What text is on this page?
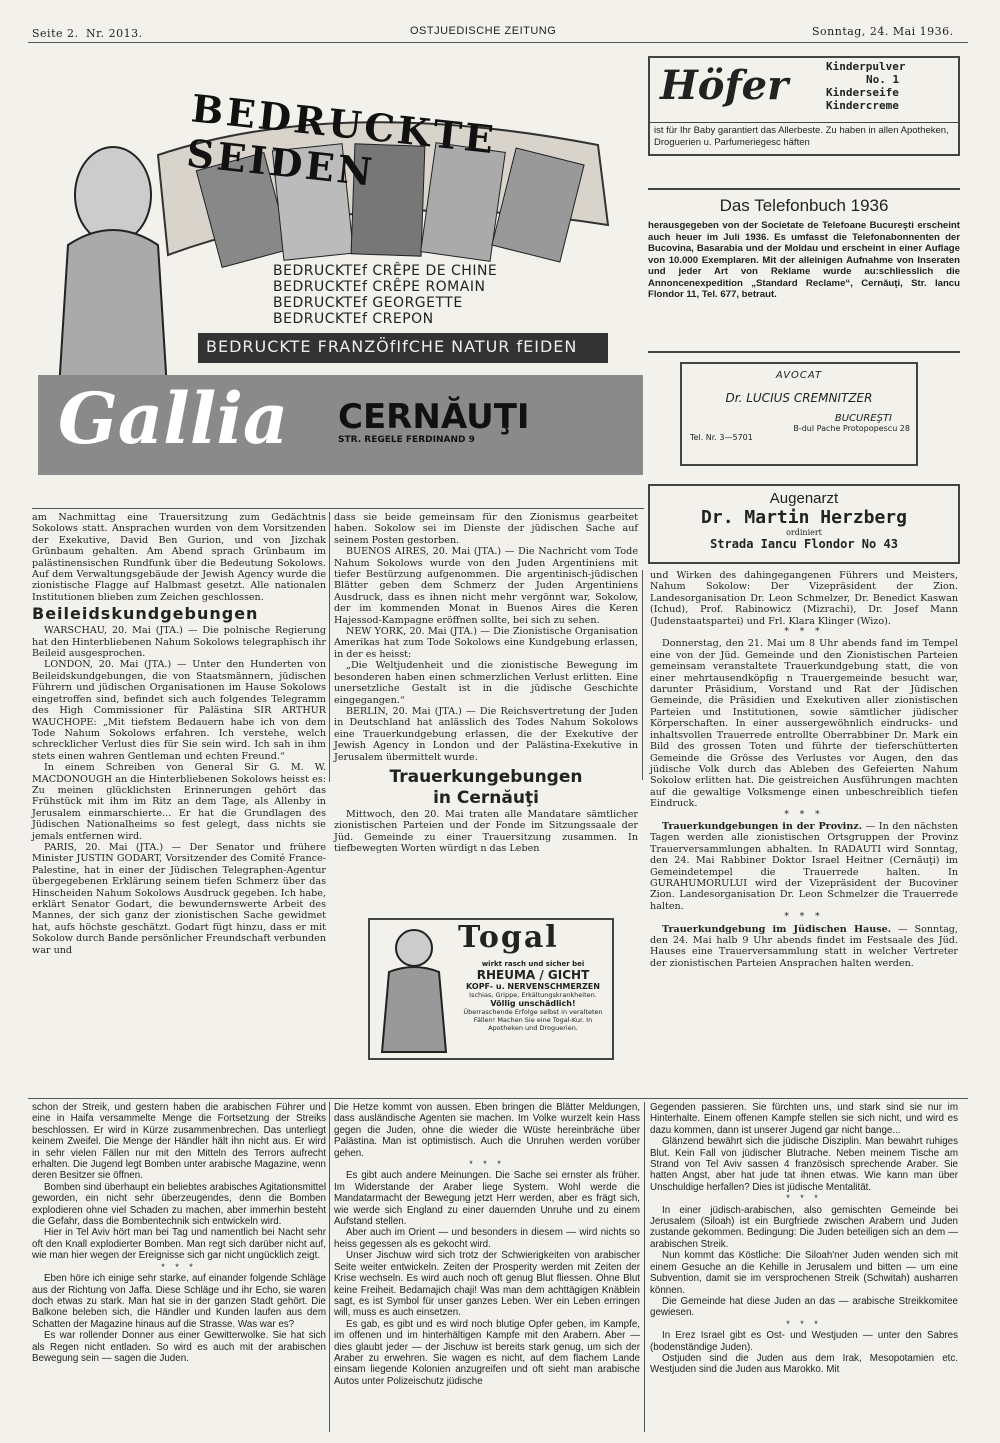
Seite 2. Nr. 2013.	OSTJUEDISCHE ZEITUNG	Sonntag, 24. Mai 1936.
BEDRUCKTE SEIDEN
BEDRUCKTEf CRÊPE DE CHINE
BEDRUCKTEf CRÊPE ROMAIN
BEDRUCKTEf GEORGETTE
BEDRUCKTEf CREPON
BEDRUCKTE FRANZÖfIfCHE NATUR fEIDEN
Gallia CERNĂUŢI
STR. REGELE FERDINAND 9
Höfer	Kinderpulver
No. 1
Kinderseife
Kindercreme
ist für Ihr Baby garantiert das Allerbeste. Zu haben in allen Apotheken, Droguerien u. Parfumeriegesc häften
Das Telefonbuch 1936
herausgegeben von der Societate de Telefoane Bucureşti erscheint auch heuer im Juli 1936. Es umfasst die Telefonabonnenten der Bucovina, Basarabia und der Moldau und erscheint in einer Auflage von 10.000 Exemplaren. Mit der alleinigen Aufnahme von Inseraten und jeder Art von Reklame wurde au:schliesslich die Annoncenexpedition „Standard Reclame“, Cernăuţi, Str. Iancu Flondor 11, Tel. 677, betraut.
AVOCAT
Dr. LUCIUS CREMNITZER
BUCUREŞTI
B-dul Pache Protopopescu 28
Tel. Nr. 3—5701
Augenarzt
Dr. Martin Herzberg
ordiniert
Strada Iancu Flondor No 43

am Nachmittag eine Trauersitzung zum Gedächtnis Sokolows statt. Ansprachen wurden von dem Vorsitzenden der Exekutive, David Ben Gurion, und von Jizchak Grünbaum gehalten. Am Abend sprach Grünbaum im palästinensischen Rundfunk über die Bedeutung Sokolows. Auf dem Verwaltungsgebäude der Jewish Agency wurde die zionistische Flagge auf Halbmast gesetzt. Alle nationalen Institutionen blieben zum Zeichen geschlossen.

Beileidskundgebungen

WARSCHAU, 20. Mai (JTA.) — Die polnische Regierung hat den Hinterbliebenen Nahum Sokolows telegraphisch ihr Beileid ausgesprochen.

LONDON, 20. Mai (JTA.) — Unter den Hunderten von Beileidskundgebungen, die von Staatsmännern, jüdischen Führern und jüdischen Organisationen im Hause Sokolows eingetroffen sind, befindet sich auch folgendes Telegramm des High Commissioner für Palästina SIR ARTHUR WAUCHOPE: „Mit tiefstem Bedauern habe ich von dem Tode Nahum Sokolows erfahren. Ich verstehe, welch schrecklicher Verlust dies für Sie sein wird. Ich sah in ihm stets einen wahren Gentleman und echten Freund.“

In einem Schreiben von General Sir G. M. W. MACDONOUGH an die Hinterbliebenen Sokolows heisst es: Zu meinen glücklichsten Erinnerungen gehört das Frühstück mit ihm im Ritz an dem Tage, als Allenby in Jerusalem einmarschierte... Er hat die Grundlagen des Jüdischen Nationalheims so fest gelegt, dass nichts sie jemals entfernen wird.

PARIS, 20. Mai (JTA.) — Der Senator und frühere Minister JUSTIN GODART, Vorsitzender des Comité France-Palestine, hat in einer der Jüdischen Telegraphen-Agentur übergegebenen Erklärung seinem tiefen Schmerz über das Hinscheiden Nahum Sokolows Ausdruck gegeben. Ich habe, erklärt Senator Godart, die bewundernswerte Arbeit des Mannes, der sich ganz der zionistischen Sache gewidmet hat, aufs höchste geschätzt. Godart fügt hinzu, dass er mit Sokolow durch Bande persönlicher Freundschaft verbunden war und

dass sie beide gemeinsam für den Zionismus gearbeitet haben. Sokolow sei im Dienste der jüdischen Sache auf seinem Posten gestorben.

BUENOS AIRES, 20. Mai (JTA.) — Die Nachricht vom Tode Nahum Sokolows wurde von den Juden Argentiniens mit tiefer Bestürzung aufgenommen. Die argentinisch-jüdischen Blätter geben dem Schmerz der Juden Argentiniens Ausdruck, dass es ihnen nicht mehr vergönnt war, Sokolow, der im kommenden Monat in Buenos Aires die Keren Hajessod-Kampagne eröffnen sollte, bei sich zu sehen.

NEW YORK, 20. Mai (JTA.) — Die Zionistische Organisation Amerikas hat zum Tode Sokolows eine Kundgebung erlassen, in der es heisst:

„Die Weltjudenheit und die zionistische Bewegung im besonderen haben einen schmerzlichen Verlust erlitten. Eine unersetzliche Gestalt ist in die jüdische Geschichte eingegangen.“

BERLIN, 20. Mai (JTA.) — Die Reichsvertretung der Juden in Deutschland hat anlässlich des Todes Nahum Sokolows eine Trauerkundgebung erlassen, die der Exekutive der Jewish Agency in London und der Palästina-Exekutive in Jerusalem übermittelt wurde.

Trauerkungebungen
in Cernăuţi

Mittwoch, den 20. Mai traten alle Mandatare sämtlicher zionistischen Parteien und der Fonde im Sitzungssaale der Jüd. Gemeinde zu einer Trauersitzung zusammen. In tiefbewegten Worten würdigt n das Leben

Togal
wirkt rasch und sicher bei
RHEUMA / GICHT
KOPF- u. NERVENSCHMERZEN
Ischias, Grippe, Erkältungskrankheiten.
Völlig unschädlich!
Überraschende Erfolge selbst in veralteten Fällen! Machen Sie eine Togal-Kur. In Apotheken und Droguerien.

und Wirken des dahingegangenen Führers und Meisters, Nahum Sokolow: Der Vizepräsident der Zion. Landesorganisation Dr. Leon Schmelzer, Dr. Benedict Kaswan (Ichud), Prof. Rabinowicz (Mizrachi), Dr. Josef Mann (Judenstaatspartei) und Frl. Klara Klinger (Wizo).

* * *

Donnerstag, den 21. Mai um 8 Uhr abends fand im Tempel eine von der Jüd. Gemeinde und den Zionistischen Parteien gemeinsam veranstaltete Trauerkundgebung statt, die von einer mehrtausendköpfig n Trauergemeinde besucht war, darunter Präsidium, Vorstand und Rat der Jüdischen Gemeinde, die Präsidien und Exekutiven aller zionistischen Parteien und Institutionen, sowie sämtlicher jüdischer Körperschaften. In einer aussergewöhnlich eindrucks- und inhaltsvollen Trauerrede entrollte Oberrabbiner Dr. Mark ein Bild des grossen Toten und führte der tieferschütterten Gemeinde die Grösse des Verlustes vor Augen, den das jüdische Volk durch das Ableben des Gefeierten Nahum Sokolow erlitten hat. Die geistreichen Ausführungen machten auf die gewaltige Volksmenge einen unbeschreiblich tiefen Eindruck.

* * *

Trauerkundgebungen in der Provinz. — In den nächsten Tagen werden alle zionistischen Ortsgruppen der Provinz Trauerversammlungen abhalten. In RADAUTI wird Sonntag, den 24. Mai Rabbiner Doktor Israel Heitner (Cernăuţi) im Gemeindetempel die Trauerrede halten. In GURAHUMORULUI wird der Vizepräsident der Bucoviner Zion. Landesorganisation Dr. Leon Schmelzer die Trauerrede halten.

* * *

Trauerkundgebung im Jüdischen Hause. — Sonntag, den 24. Mai halb 9 Uhr abends findet im Festsaale des Jüd. Hauses eine Trauerversammlung statt in welcher Vertreter der zionistischen Parteien Ansprachen halten werden.

schon der Streik, und gestern haben die arabischen Führer und eine in Haifa versammelte Menge die Fortsetzung der Streiks beschlossen. Er wird in Kürze zusammenbrechen. Das unterliegt keinem Zweifel. Die Menge der Händler hält ihn nicht aus. Er wird in sehr vielen Fällen nur mit den Mitteln des Terrors aufrecht erhalten. Die Jugend legt Bomben unter arabische Magazine, wenn deren Besitzer sie öffnen.

Bomben sind überhaupt ein beliebtes arabisches Agitationsmittel geworden, ein nicht sehr überzeugendes, denn die Bomben explodieren ohne viel Schaden zu machen, aber immerhin besteht die Gefahr, dass die Bombentechnik sich entwickeln wird.

Hier in Tel Aviv hört man bei Tag und namentlich bei Nacht sehr oft den Knall explodierter Bomben. Man regt sich darüber nicht auf, wie man hier wegen der Ereignisse sich gar nicht ungücklich zeigt.

* * *

Eben höre ich einige sehr starke, auf einander folgende Schläge aus der Richtung von Jaffa. Diese Schläge und ihr Echo, sie waren doch etwas zu stark. Man hat sie in der ganzen Stadt gehört. Die Balkone beleben sich, die Händler und Kunden laufen aus dem Schatten der Magazine hinaus auf die Strasse. Was war es?

Es war rollender Donner aus einer Gewitterwolke. Sie hat sich als Regen nicht entladen. So wird es auch mit der arabischen Bewegung sein — sagen die Juden.

Die Hetze kommt von aussen. Eben bringen die Blätter Meldungen, dass ausländische Agenten sie machen. Im Volke wurzelt kein Hass gegen die Juden, ohne die wieder die Wüste hereinbräche über Palästina. Man ist optimistisch. Auch die Unruhen werden vorüber gehen.

* * *

Es gibt auch andere Meinungen. Die Sache sei ernster als früher. Im Widerstande der Araber liege System. Wohl werde die Mandatarmacht der Bewegung jetzt Herr werden, aber es frägt sich, wie werde sich England zu einer dauernden Unruhe und zu einem Aufstand stellen.

Aber auch im Orient — und besonders in diesem — wird nichts so heiss gegessen als es gekocht wird.

Unser Jischuw wird sich trotz der Schwierigkeiten von arabischer Seite weiter entwickeln. Zeiten der Prosperity werden mit Zeiten der Krise wechseln. Es wird auch noch oft genug Blut fliessen. Ohne Blut keine Freiheit. Bedamajich chaji! Was man dem achttägigen Knäblein sagt, es ist Symbol für unser ganzes Leben. Wer ein Leben erringen will, muss es auch einsetzen.

Es gab, es gibt und es wird noch blutige Opfer geben, im Kampfe, im offenen und im hinterhältigen Kampfe mit den Arabern. Aber — dies glaubt jeder — der Jischuw ist bereits stark genug, um sich der Araber zu erwehren. Sie wagen es nicht, auf dem flachem Lande einsam liegende Kolonien anzugreifen und oft sieht man arabische Autos unter Polizeischutz jüdische

Gegenden passieren. Sie fürchten uns, und stark sind sie nur im Hinterhalte. Einem offenen Kampfe stellen sie sich nicht, und wird es dazu kommen, dann ist unserer Jugend gar nicht bange...

Glänzend bewährt sich die jüdische Disziplin. Man bewahrt ruhiges Blut. Kein Fall von jüdischer Blutrache. Neben meinem Tische am Strand von Tel Aviv sassen 4 französisch sprechende Araber. Sie hatten Angst, aber hat jude tat ihnen etwas. Wie kann man über Unschuldige herfallen? Dies ist jüdische Mentalität.

* * *

In einer jüdisch-arabischen, also gemischten Gemeinde bei Jerusalem (Siloah) ist ein Burgfriede zwischen Arabern und Juden zustande gekommen. Bedingung: Die Juden beteiligen sich an dem — arabischen Streik.

Nun kommt das Köstliche: Die Siloah'ner Juden wenden sich mit einem Gesuche an die Kehille in Jerusalem und bitten — um eine Subvention, damit sie im versprochenen Streik (Schwitah) ausharren können.

Die Gemeinde hat diese Juden an das — arabische Streikkomitee gewiesen.

* * *

In Erez Israel gibt es Ost- und Westjuden — unter den Sabres (bodenständige Juden).

Ostjuden sind die Juden aus dem Irak, Mesopotamien etc. Westjuden sind die Juden aus Marokko. Mit
